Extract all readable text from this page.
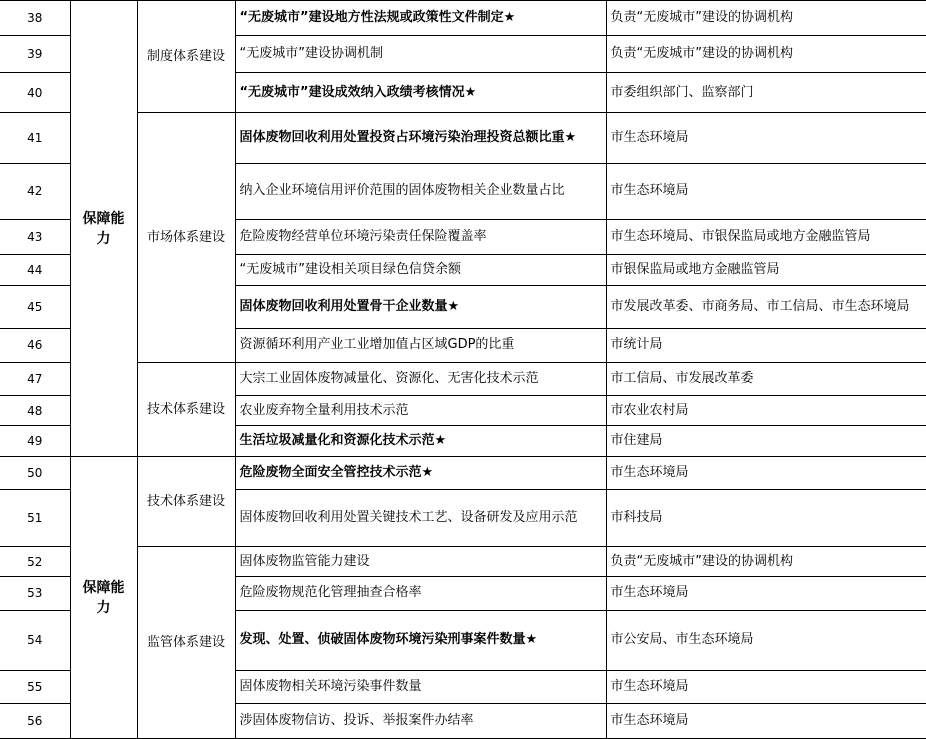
38	保障能力	制度体系建设	“无废城市”建设地方性法规或政策性文件制定★	负责“无废城市”建设的协调机构
39			“无废城市”建设协调机制	负责“无废城市”建设的协调机构
40			“无废城市”建设成效纳入政绩考核情况★	市委组织部门、监察部门
41		市场体系建设	固体废物回收利用处置投资占环境污染治理投资总额比重★	市生态环境局
42			纳入企业环境信用评价范围的固体废物相关企业数量占比	市生态环境局
43			危险废物经营单位环境污染责任保险覆盖率	市生态环境局、市银保监局或地方金融监管局
44			“无废城市”建设相关项目绿色信贷余额	市银保监局或地方金融监管局
45			固体废物回收利用处置骨干企业数量★	市发展改革委、市商务局、市工信局、市生态环境局
46			资源循环利用产业工业增加值占区域GDP的比重	市统计局
47		技术体系建设	大宗工业固体废物减量化、资源化、无害化技术示范	市工信局、市发展改革委
48			农业废弃物全量利用技术示范	市农业农村局
49			生活垃圾减量化和资源化技术示范★	市住建局
50	保障能力	技术体系建设	危险废物全面安全管控技术示范★	市生态环境局
51			固体废物回收利用处置关键技术工艺、设备研发及应用示范	市科技局
52		监管体系建设	固体废物监管能力建设	负责“无废城市”建设的协调机构
53			危险废物规范化管理抽查合格率	市生态环境局
54			发现、处置、侦破固体废物环境污染刑事案件数量★	市公安局、市生态环境局
55			固体废物相关环境污染事件数量	市生态环境局
56			涉固体废物信访、投诉、举报案件办结率	市生态环境局
